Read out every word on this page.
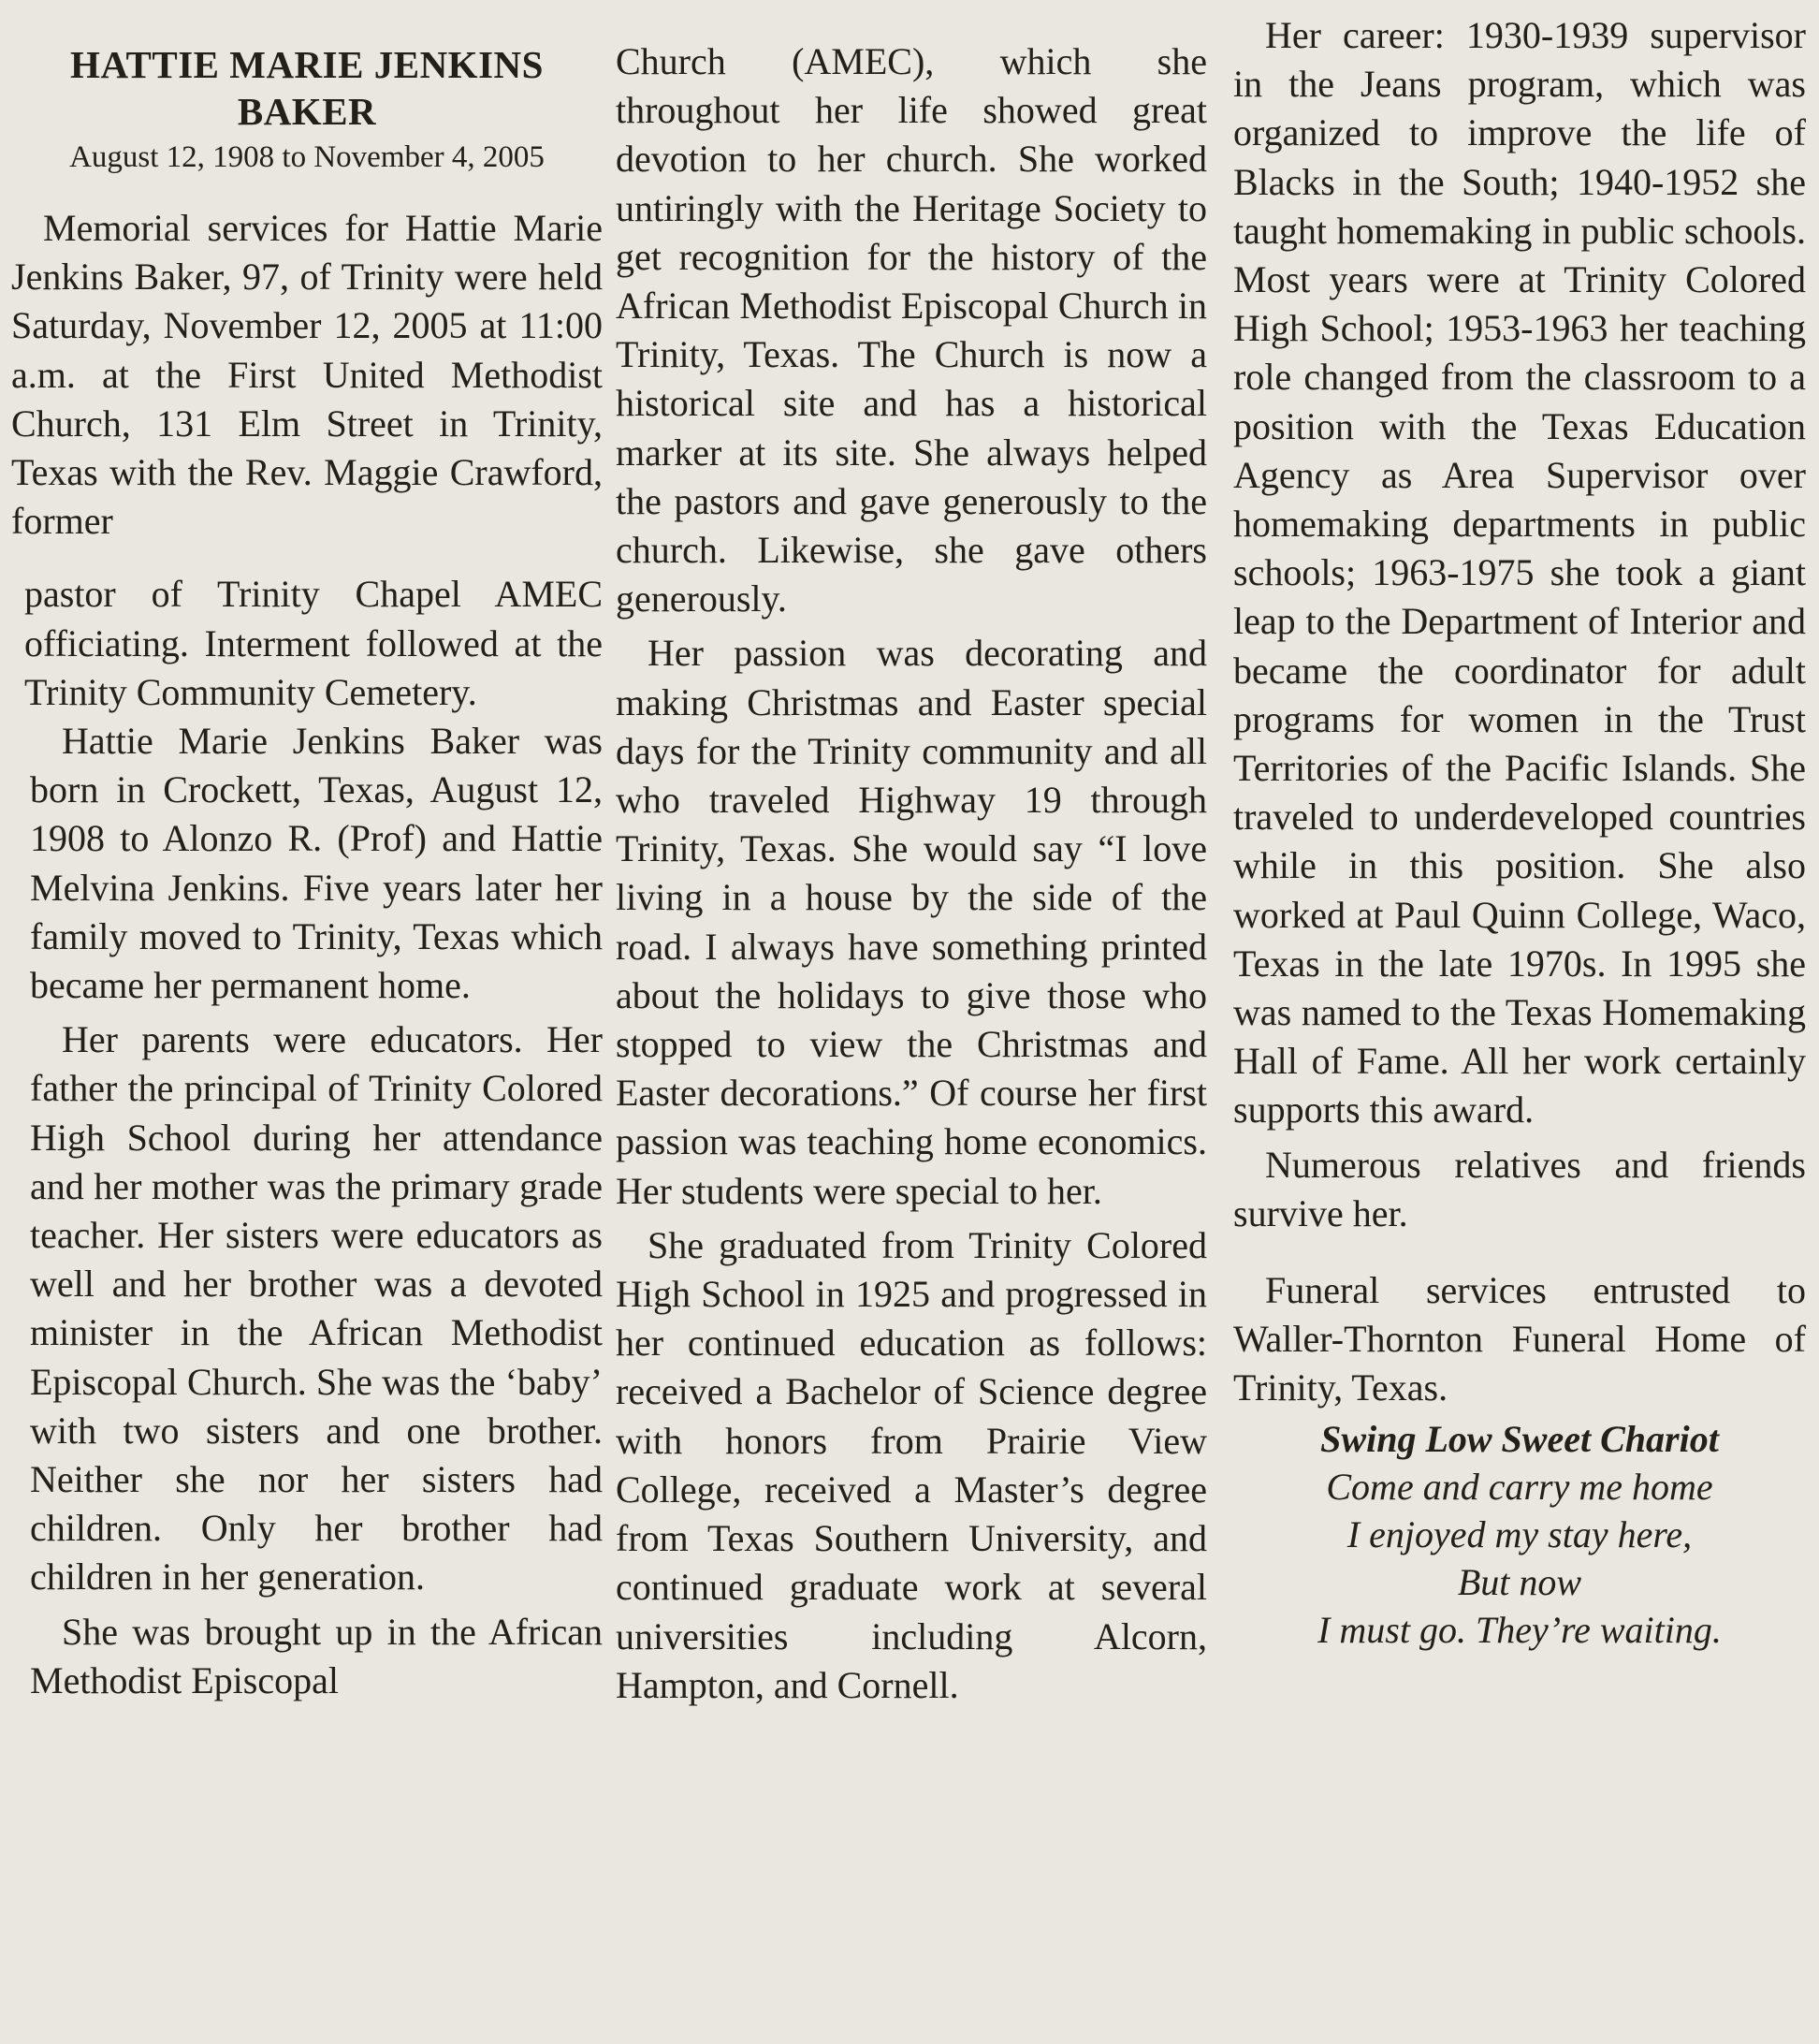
HATTIE MARIE JENKINS
BAKER
August 12, 1908 to November 4, 2005

Memorial services for Hattie Marie Jenkins Baker, 97, of Trinity were held Saturday, November 12, 2005 at 11:00 a.m. at the First United Methodist Church, 131 Elm Street in Trinity, Texas with the Rev. Maggie Crawford, former

pastor of Trinity Chapel AMEC officiating. Interment followed at the Trinity Community Cemetery.

Hattie Marie Jenkins Baker was born in Crockett, Texas, August 12, 1908 to Alonzo R. (Prof) and Hattie Melvina Jenkins. Five years later her family moved to Trinity, Texas which became her permanent home.

Her parents were educators. Her father the principal of Trinity Colored High School during her attendance and her mother was the primary grade teacher. Her sisters were educators as well and her brother was a devoted minister in the African Methodist Episcopal Church. She was the ‘baby’ with two sisters and one brother. Neither she nor her sisters had children. Only her brother had children in her generation.

She was brought up in the African Methodist Episcopal

Church (AMEC), which she throughout her life showed great devotion to her church. She worked untiringly with the Heritage Society to get recognition for the history of the African Methodist Episcopal Church in Trinity, Texas. The Church is now a historical site and has a historical marker at its site. She always helped the pastors and gave generously to the church. Likewise, she gave others generously.

Her passion was decorating and making Christmas and Easter special days for the Trinity community and all who traveled Highway 19 through Trinity, Texas. She would say “I love living in a house by the side of the road. I always have something printed about the holidays to give those who stopped to view the Christmas and Easter decorations.” Of course her first passion was teaching home economics. Her students were special to her.

She graduated from Trinity Colored High School in 1925 and progressed in her continued education as follows: received a Bachelor of Science degree with honors from Prairie View College, received a Master’s degree from Texas Southern University, and continued graduate work at several universities including Alcorn, Hampton, and Cornell.

Her career: 1930-1939 supervisor in the Jeans program, which was organized to improve the life of Blacks in the South; 1940-1952 she taught homemaking in public schools. Most years were at Trinity Colored High School; 1953-1963 her teaching role changed from the classroom to a position with the Texas Education Agency as Area Supervisor over homemaking departments in public schools; 1963-1975 she took a giant leap to the Department of Interior and became the coordinator for adult programs for women in the Trust Territories of the Pacific Islands. She traveled to underdeveloped countries while in this position. She also worked at Paul Quinn College, Waco, Texas in the late 1970s. In 1995 she was named to the Texas Homemaking Hall of Fame. All her work certainly supports this award.

Numerous relatives and friends survive her.

Funeral services entrusted to Waller-Thornton Funeral Home of Trinity, Texas.

Swing Low Sweet Chariot
Come and carry me home
I enjoyed my stay here,
But now
I must go. They’re waiting.
